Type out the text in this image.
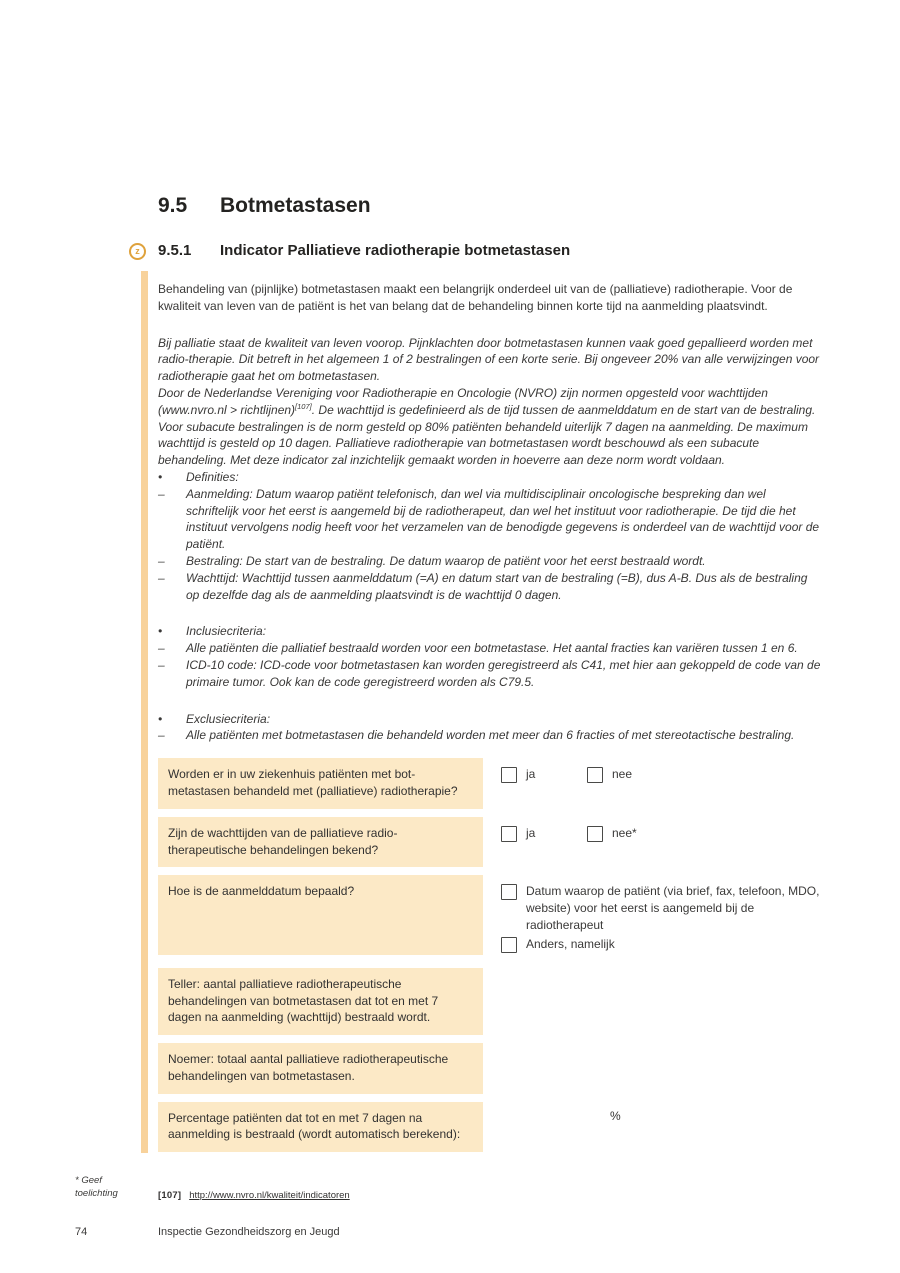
9.5	Botmetastasen
z	9.5.1	Indicator Palliatieve radiotherapie botmetastasen

Behandeling van (pijnlijke) botmetastasen maakt een belangrijk onderdeel uit van de (palliatieve) radiotherapie. Voor de kwaliteit van leven van de patiënt is het van belang dat de behandeling binnen korte tijd na aanmelding plaatsvindt.

Bij palliatie staat de kwaliteit van leven voorop. Pijnklachten door botmetastasen kunnen vaak goed gepallieerd worden met radio-therapie. Dit betreft in het algemeen 1 of 2 bestralingen of een korte serie. Bij ongeveer 20% van alle verwijzingen voor radiotherapie gaat het om botmetastasen.

Door de Nederlandse Vereniging voor Radiotherapie en Oncologie (NVRO) zijn normen opgesteld voor wachttijden (www.nvro.nl > richtlijnen)[107]. De wachttijd is gedefinieerd als de tijd tussen de aanmelddatum en de start van de bestraling. Voor subacute bestralingen is de norm gesteld op 80% patiënten behandeld uiterlijk 7 dagen na aanmelding. De maximum wachttijd is gesteld op 10 dagen. Palliatieve radiotherapie van botmetastasen wordt beschouwd als een subacute behandeling. Met deze indicator zal inzichtelijk gemaakt worden in hoeverre aan deze norm wordt voldaan.

• Definities:
– Aanmelding: Datum waarop patiënt telefonisch, dan wel via multidisciplinair oncologische bespreking dan wel schriftelijk voor het eerst is aangemeld bij de radiotherapeut, dan wel het instituut voor radiotherapie. De tijd die het instituut vervolgens nodig heeft voor het verzamelen van de benodigde gegevens is onderdeel van de wachttijd voor de patiënt.
– Bestraling: De start van de bestraling. De datum waarop de patiënt voor het eerst bestraald wordt.
– Wachttijd: Wachttijd tussen aanmelddatum (=A) en datum start van de bestraling (=B), dus A-B. Dus als de bestraling op dezelfde dag als de aanmelding plaatsvindt is de wachttijd 0 dagen.
• Inclusiecriteria:
– Alle patiënten die palliatief bestraald worden voor een botmetastase. Het aantal fracties kan variëren tussen 1 en 6.
– ICD-10 code: ICD-code voor botmetastasen kan worden geregistreerd als C41, met hier aan gekoppeld de code van de primaire tumor. Ook kan de code geregistreerd worden als C79.5.
• Exclusiecriteria:
– Alle patiënten met botmetastasen die behandeld worden met meer dan 6 fracties of met stereotactische bestraling.
Worden er in uw ziekenhuis patiënten met bot-metastasen behandeld met (palliatieve) radiotherapie?
ja	nee
Zijn de wachttijden van de palliatieve radio-therapeutische behandelingen bekend?
ja	nee*
Hoe is de aanmelddatum bepaald?	Datum waarop de patiënt (via brief, fax, telefoon, MDO, website) voor het eerst is aangemeld bij de radiotherapeut
Anders, namelijk
Teller: aantal palliatieve radiotherapeutische behandelingen van botmetastasen dat tot en met 7 dagen na aanmelding (wachttijd) bestraald wordt.
Noemer: totaal aantal palliatieve radiotherapeutische behandelingen van botmetastasen.
Percentage patiënten dat tot en met 7 dagen na aanmelding is bestraald (wordt automatisch berekend):
%
* Geef toelichting	[107] http://www.nvro.nl/kwaliteit/indicatoren
74	Inspectie Gezondheidszorg en Jeugd
